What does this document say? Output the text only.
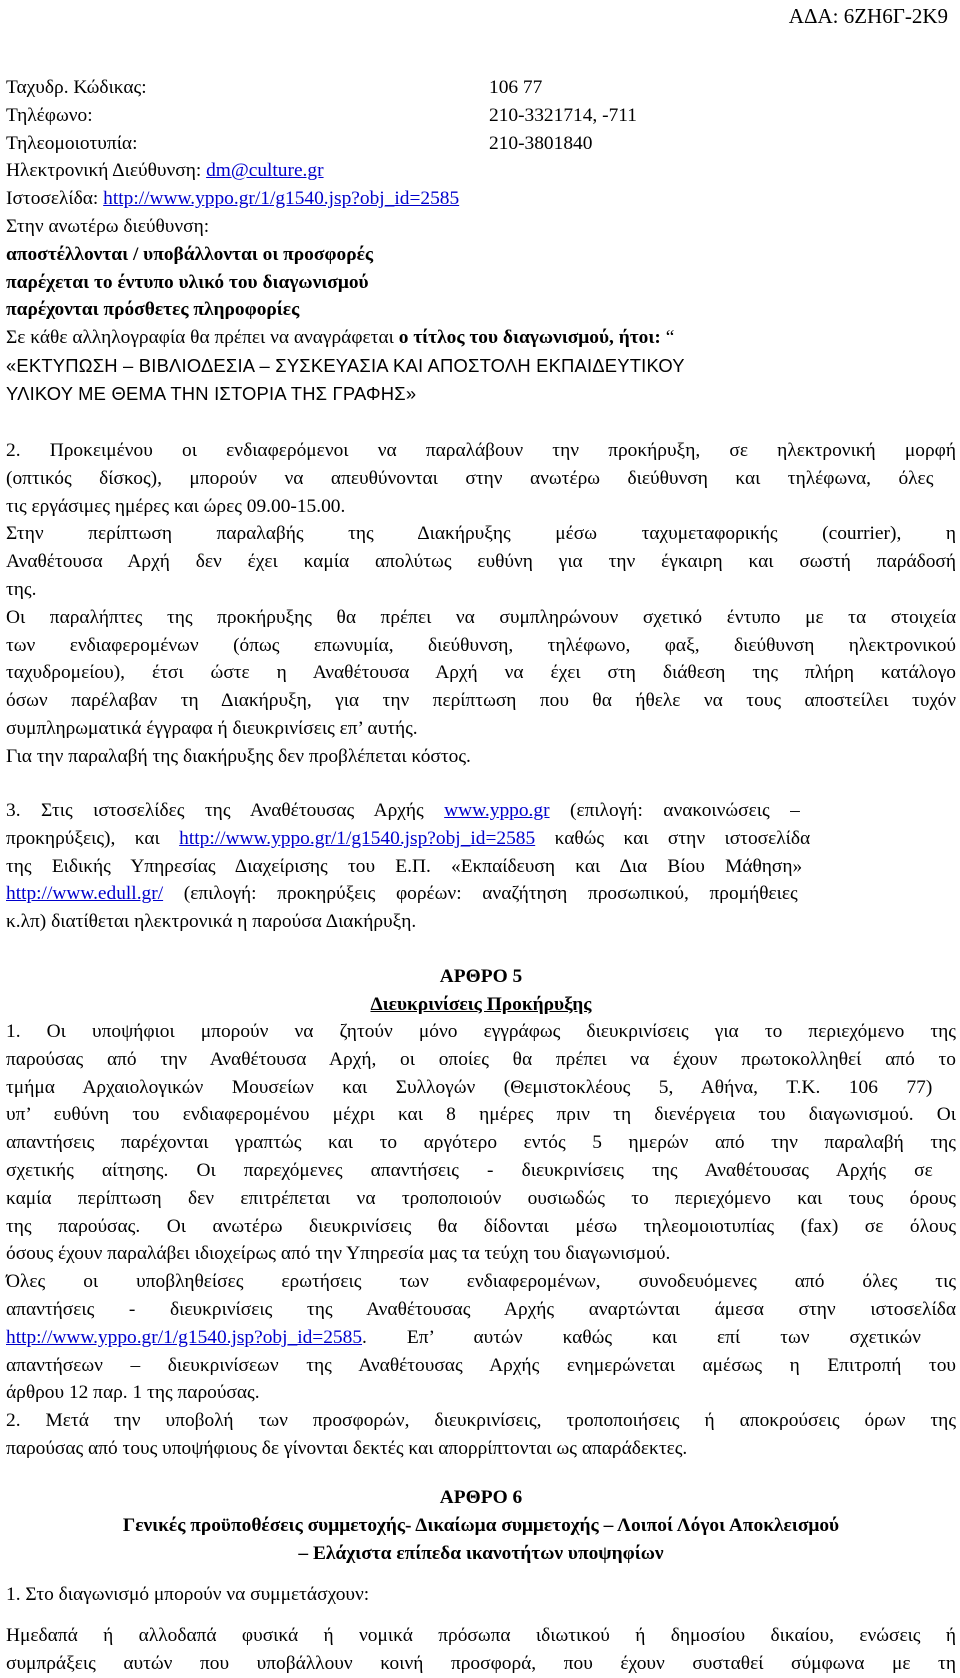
ΑΔΑ: 6ΖΗ6Γ-2Κ9
Ταχυδρ. Κώδικας:	106 77
Τηλέφωνο:	210-3321714, -711
Τηλεομοιοτυπία:	210-3801840
Ηλεκτρονική Διεύθυνση: dm@culture.gr
Ιστοσελίδα: http://www.yppo.gr/1/g1540.jsp?obj_id=2585
Στην ανωτέρω διεύθυνση:
αποστέλλονται / υποβάλλονται οι προσφορές
παρέχεται το έντυπο υλικό του διαγωνισμού
παρέχονται πρόσθετες πληροφορίες
Σε κάθε αλληλογραφία θα πρέπει να αναγράφεται ο τίτλος του διαγωνισμού, ήτοι: “
«ΕΚΤΥΠΩΣΗ – ΒΙΒΛΙΟΔΕΣΙΑ – ΣΥΣΚΕΥΑΣΙΑ ΚΑΙ ΑΠΟΣΤΟΛΗ ΕΚΠΑΙΔΕΥΤΙΚΟΥ
ΥΛΙΚΟΥ ΜΕ ΘΕΜΑ ΤΗΝ ΙΣΤΟΡΙΑ ΤΗΣ ΓΡΑΦΗΣ»
2. Προκειμένου οι ενδιαφερόμενοι να παραλάβουν την προκήρυξη, σε ηλεκτρονική μορφή
(οπτικός δίσκος), μπορούν να απευθύνονται στην ανωτέρω διεύθυνση και τηλέφωνα, όλες
τις εργάσιμες ημέρες και ώρες 09.00-15.00.
Στην περίπτωση παραλαβής της Διακήρυξης μέσω ταχυμεταφορικής (courrier), η
Αναθέτουσα Αρχή δεν έχει καμία απολύτως ευθύνη για την έγκαιρη και σωστή παράδοσή
της.
Οι παραλήπτες της προκήρυξης θα πρέπει να συμπληρώνουν σχετικό έντυπο με τα στοιχεία
των ενδιαφερομένων (όπως επωνυμία, διεύθυνση, τηλέφωνο, φαξ, διεύθυνση ηλεκτρονικού
ταχυδρομείου), έτσι ώστε η Αναθέτουσα Αρχή να έχει στη διάθεση της πλήρη κατάλογο
όσων παρέλαβαν τη Διακήρυξη, για την περίπτωση που θα ήθελε να τους αποστείλει τυχόν
συμπληρωματικά έγγραφα ή διευκρινίσεις επ’ αυτής.
Για την παραλαβή της διακήρυξης δεν προβλέπεται κόστος.
3. Στις ιστοσελίδες της Αναθέτουσας Αρχής www.yppo.gr (επιλογή: ανακοινώσεις –
προκηρύξεις), και http://www.yppo.gr/1/g1540.jsp?obj_id=2585 καθώς και στην ιστοσελίδα
της Ειδικής Υπηρεσίας Διαχείρισης του Ε.Π. «Εκπαίδευση και Δια Βίου Μάθηση»
http://www.edull.gr/ (επιλογή: προκηρύξεις φορέων: αναζήτηση προσωπικού, προμήθειες
κ.λπ) διατίθεται ηλεκτρονικά η παρούσα Διακήρυξη.
ΑΡΘΡΟ 5
Διευκρινίσεις Προκήρυξης
1. Οι υποψήφιοι μπορούν να ζητούν μόνο εγγράφως διευκρινίσεις για το περιεχόμενο της
παρούσας από την Αναθέτουσα Αρχή, οι οποίες θα πρέπει να έχουν πρωτοκολληθεί από το
τμήμα Αρχαιολογικών Μουσείων και Συλλογών (Θεμιστοκλέους 5, Αθήνα, Τ.Κ. 106 77)
υπ’ ευθύνη του ενδιαφερομένου μέχρι και 8 ημέρες πριν τη διενέργεια του διαγωνισμού. Οι
απαντήσεις παρέχονται γραπτώς και το αργότερο εντός 5 ημερών από την παραλαβή της
σχετικής αίτησης. Οι παρεχόμενες απαντήσεις - διευκρινίσεις της Αναθέτουσας Αρχής σε
καμία περίπτωση δεν επιτρέπεται να τροποποιούν ουσιωδώς το περιεχόμενο και τους όρους
της παρούσας. Οι ανωτέρω διευκρινίσεις θα δίδονται μέσω τηλεομοιοτυπίας (fax) σε όλους
όσους έχουν παραλάβει ιδιοχείρως από την Υπηρεσία μας τα τεύχη του διαγωνισμού.
Όλες οι υποβληθείσες ερωτήσεις των ενδιαφερομένων, συνοδευόμενες από όλες τις
απαντήσεις - διευκρινίσεις της Αναθέτουσας Αρχής αναρτώνται άμεσα στην ιστοσελίδα
http://www.yppo.gr/1/g1540.jsp?obj_id=2585. Επ’ αυτών καθώς και επί των σχετικών
απαντήσεων – διευκρινίσεων της Αναθέτουσας Αρχής ενημερώνεται αμέσως η Επιτροπή του
άρθρου 12 παρ. 1 της παρούσας.
2. Μετά την υποβολή των προσφορών, διευκρινίσεις, τροποποιήσεις ή αποκρούσεις όρων της
παρούσας από τους υποψήφιους δε γίνονται δεκτές και απορρίπτονται ως απαράδεκτες.
ΑΡΘΡΟ 6
Γενικές προϋποθέσεις συμμετοχής- Δικαίωμα συμμετοχής – Λοιποί Λόγοι Αποκλεισμού
– Ελάχιστα επίπεδα ικανοτήτων υποψηφίων
1. Στο διαγωνισμό μπορούν να συμμετάσχουν:
Ημεδαπά ή αλλοδαπά φυσικά ή νομικά πρόσωπα ιδιωτικού ή δημοσίου δικαίου, ενώσεις ή
συμπράξεις αυτών που υποβάλλουν κοινή προσφορά, που έχουν συσταθεί σύμφωνα με τη
